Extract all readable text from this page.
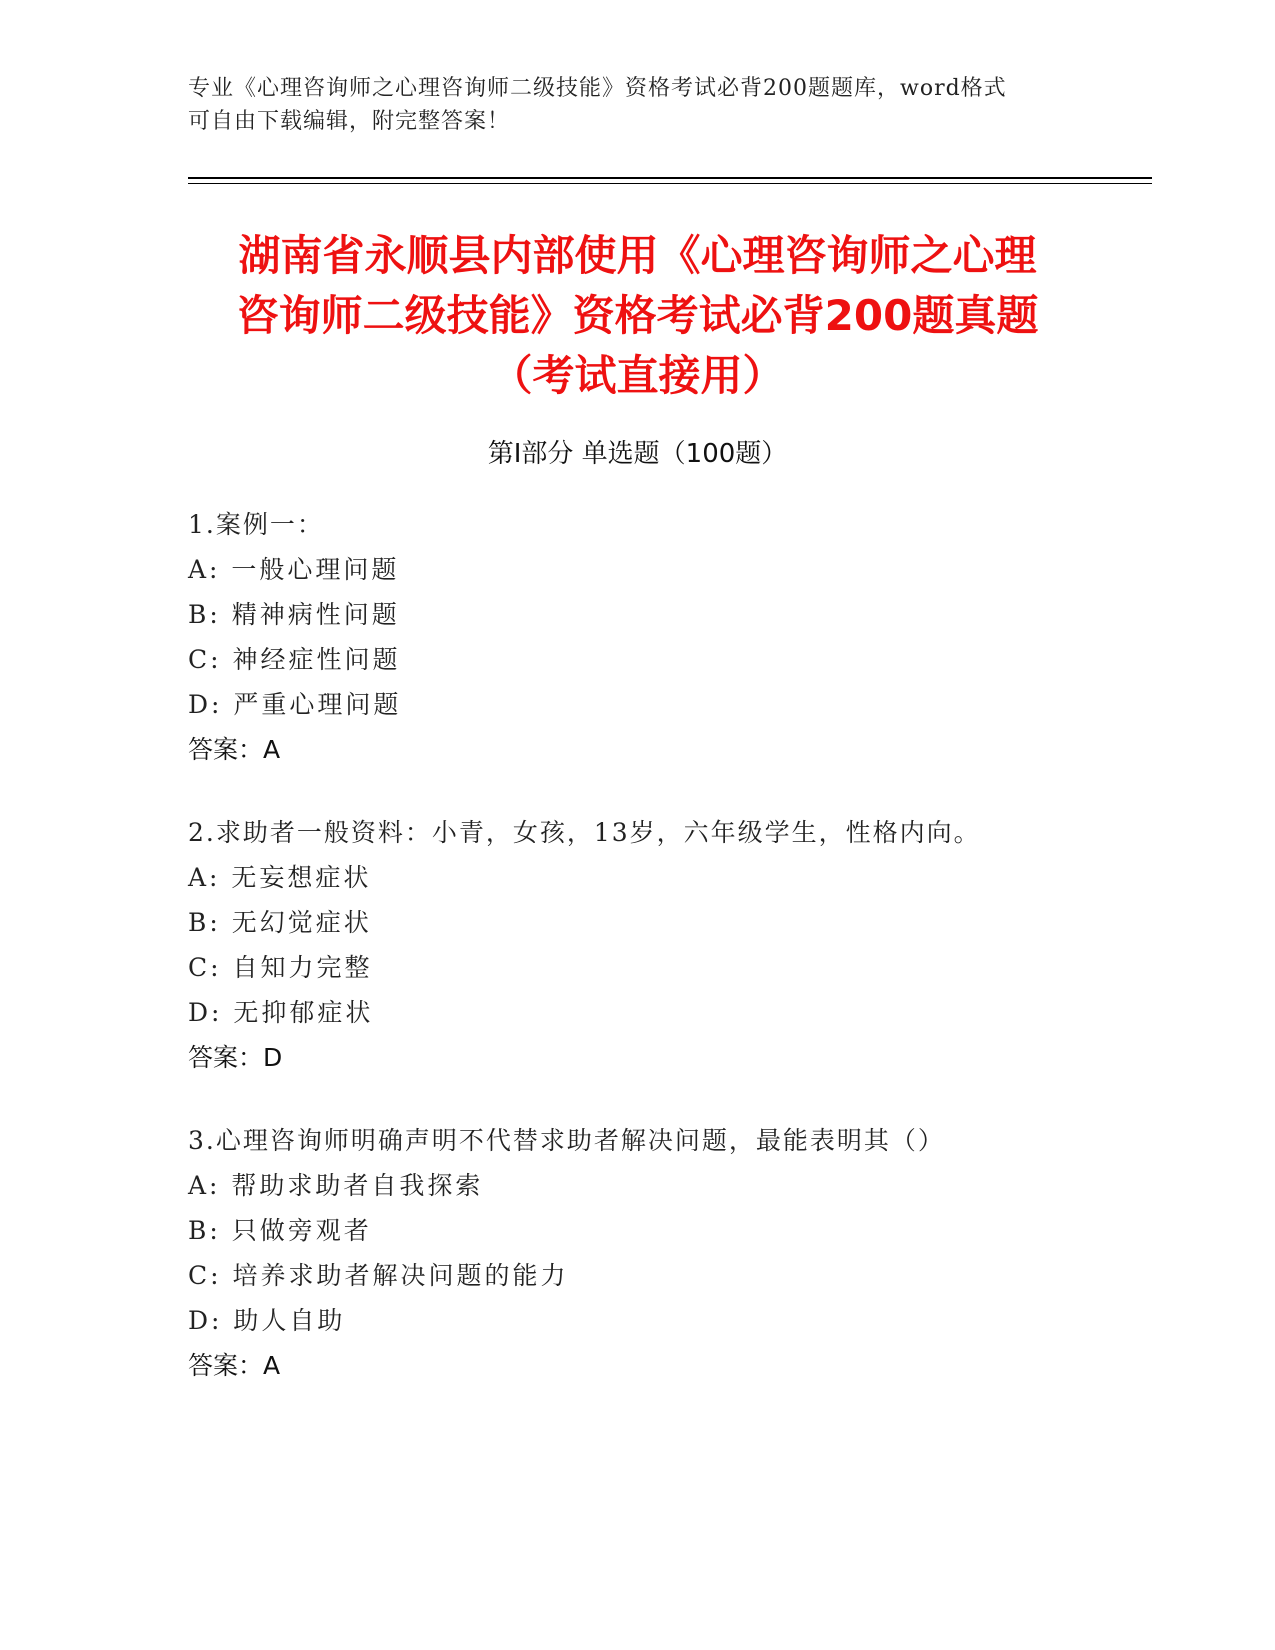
专业《心理咨询师之心理咨询师二级技能》资格考试必背200题题库，word格式
可自由下载编辑，附完整答案！
湖南省永顺县内部使用《心理咨询师之心理
咨询师二级技能》资格考试必背200题真题
（考试直接用）
第Ⅰ部分 单选题（100题）
1.案例一：
A: 一般心理问题
B: 精神病性问题
C: 神经症性问题
D: 严重心理问题
答案：A
2.求助者一般资料：小青，女孩，13岁，六年级学生，性格内向。
A: 无妄想症状
B: 无幻觉症状
C: 自知力完整
D: 无抑郁症状
答案：D
3.心理咨询师明确声明不代替求助者解决问题，最能表明其（）
A: 帮助求助者自我探索
B: 只做旁观者
C: 培养求助者解决问题的能力
D: 助人自助
答案：A
